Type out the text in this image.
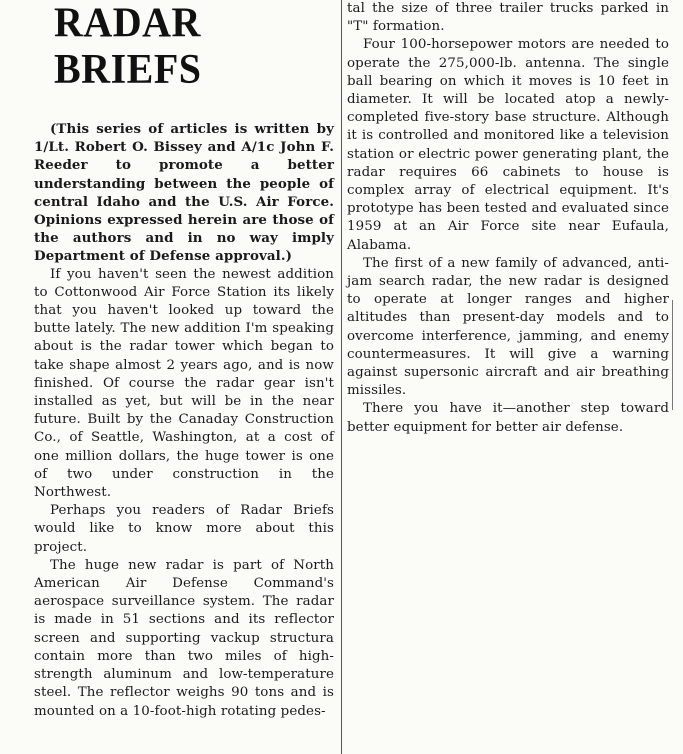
RADAR BRIEFS

(This series of articles is written by 1/Lt. Robert O. Bissey and A/1c John F. Reeder to promote a better understanding between the people of central Idaho and the U.S. Air Force. Opinions expressed herein are those of the authors and in no way imply Department of Defense approval.)

If you haven't seen the newest addition to Cottonwood Air Force Station its likely that you haven't looked up toward the butte lately. The new addition I'm speaking about is the radar tower which began to take shape almost 2 years ago, and is now finished. Of course the radar gear isn't installed as yet, but will be in the near future. Built by the Canaday Construction Co., of Seattle, Washington, at a cost of one million dollars, the huge tower is one of two under construction in the Northwest.

Perhaps you readers of Radar Briefs would like to know more about this project.

The huge new radar is part of North American Air Defense Command's aerospace surveillance system. The radar is made in 51 sections and its reflector screen and supporting vackup structura contain more than two miles of high-strength aluminum and low-temperature steel. The reflector weighs 90 tons and is mounted on a 10-foot-high rotating pedes-

tal the size of three trailer trucks parked in "T" formation.

Four 100-horsepower motors are needed to operate the 275,000-lb. antenna. The single ball bearing on which it moves is 10 feet in diameter. It will be located atop a newly-completed five-story base structure. Although it is controlled and monitored like a television station or electric power generating plant, the radar requires 66 cabinets to house is complex array of electrical equipment. It's prototype has been tested and evaluated since 1959 at an Air Force site near Eufaula, Alabama.

The first of a new family of advanced, anti-jam search radar, the new radar is designed to operate at longer ranges and higher altitudes than present-day models and to overcome interference, jamming, and enemy countermeasures. It will give a warning against supersonic aircraft and air breathing missiles.

There you have it—another step toward better equipment for better air defense.
